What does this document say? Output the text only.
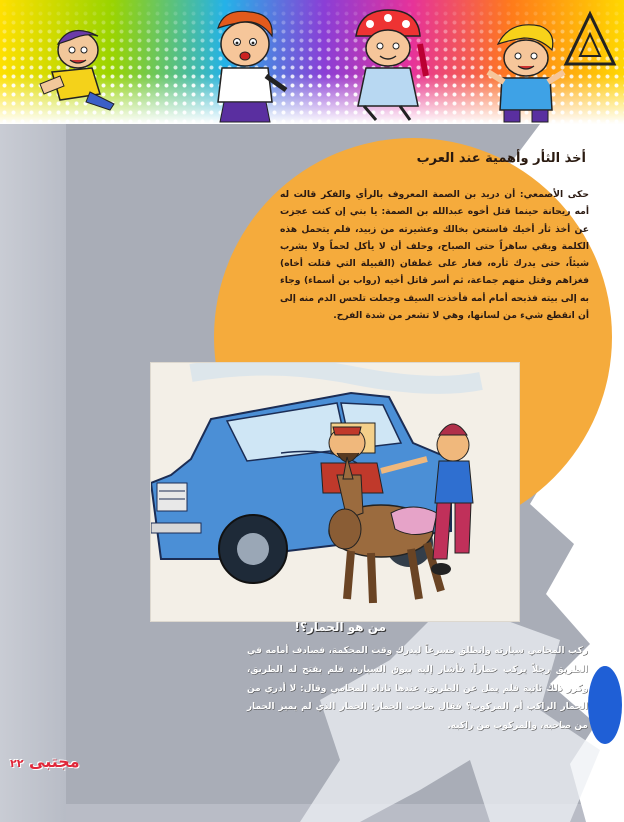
أخذ الثأر وأهمية عند العرب

حكى الأصمعي: أن دريد بن الصمة المعروف بالرأي والفكر قالت له أمه ريحانة حينما قتل أخوه عبدالله بن الصمة: يا بني إن كنت عجزت عن أخذ ثأر أخيك فاستعن بخالك وعشيرته من زبيد، فلم يتحمل هذه الكلمة وبقي ساهراً حتى الصباح، وحلف أن لا يأكل لحماً ولا يشرب شيئاً، حتى يدرك ثأره، فغار على غطفان (القبيلة التي قتلت أخاه) فغزاهم وقتل منهم جماعة، ثم أسر قاتل أخيه (رواب بن أسماء) وجاء به إلى بيته فذبحه أمام أمه فأخذت السيف وجعلت تلحس الدم منه إلى أن انقطع شيء من لسانها، وهي لا تشعر من شدة الفرح.

من هو الحمار؟!

ركب المحامي سيارته وانطلق مسرعاً ليدرك وقت المحكمة، فصادف أمامه في الطريق رجلاً يركب حماراً، فأشار إليه ببوق السيارة، فلم يفتح له الطريق، وكرر ذلك ثانية فلم يمل عن الطريق، عندها ناداه المحامي وقال: لا أدري من الحمار الراكب أم المركوب؟ فقال صاحب الحمار: الحمار الذي لم يميز الحمار من صاحبه، والمركوب من راكبه.

مجتبى ٢٢
